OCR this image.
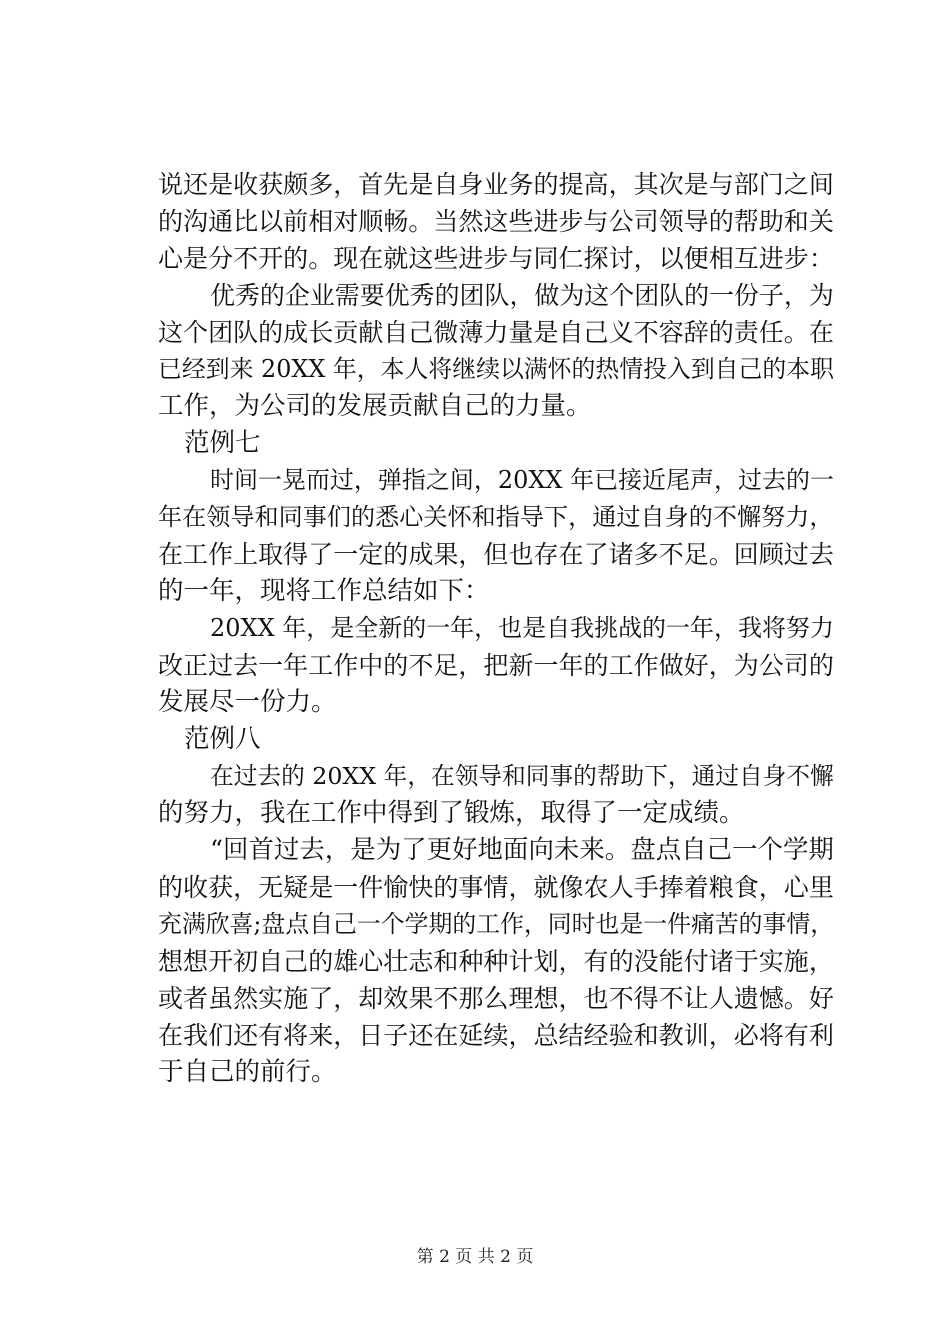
说还是收获颇多，首先是自身业务的提高，其次是与部门之间
的沟通比以前相对顺畅。当然这些进步与公司领导的帮助和关
心是分不开的。现在就这些进步与同仁探讨，以便相互进步：
优秀的企业需要优秀的团队，做为这个团队的一份子，为
这个团队的成长贡献自己微薄力量是自己义不容辞的责任。在
已经到来 20XX 年，本人将继续以满怀的热情投入到自己的本职
工作，为公司的发展贡献自己的力量。
范例七
时间一晃而过，弹指之间，20XX 年已接近尾声，过去的一
年在领导和同事们的悉心关怀和指导下，通过自身的不懈努力，
在工作上取得了一定的成果，但也存在了诸多不足。回顾过去
的一年，现将工作总结如下：
20XX 年，是全新的一年，也是自我挑战的一年，我将努力
改正过去一年工作中的不足，把新一年的工作做好，为公司的
发展尽一份力。
范例八
在过去的 20XX 年，在领导和同事的帮助下，通过自身不懈
的努力，我在工作中得到了锻炼，取得了一定成绩。
“回首过去，是为了更好地面向未来。盘点自己一个学期
的收获，无疑是一件愉快的事情，就像农人手捧着粮食，心里
充满欣喜;盘点自己一个学期的工作，同时也是一件痛苦的事情，
想想开初自己的雄心壮志和种种计划，有的没能付诸于实施，
或者虽然实施了，却效果不那么理想，也不得不让人遗憾。好
在我们还有将来，日子还在延续，总结经验和教训，必将有利
于自己的前行。
第 2 页 共 2 页
